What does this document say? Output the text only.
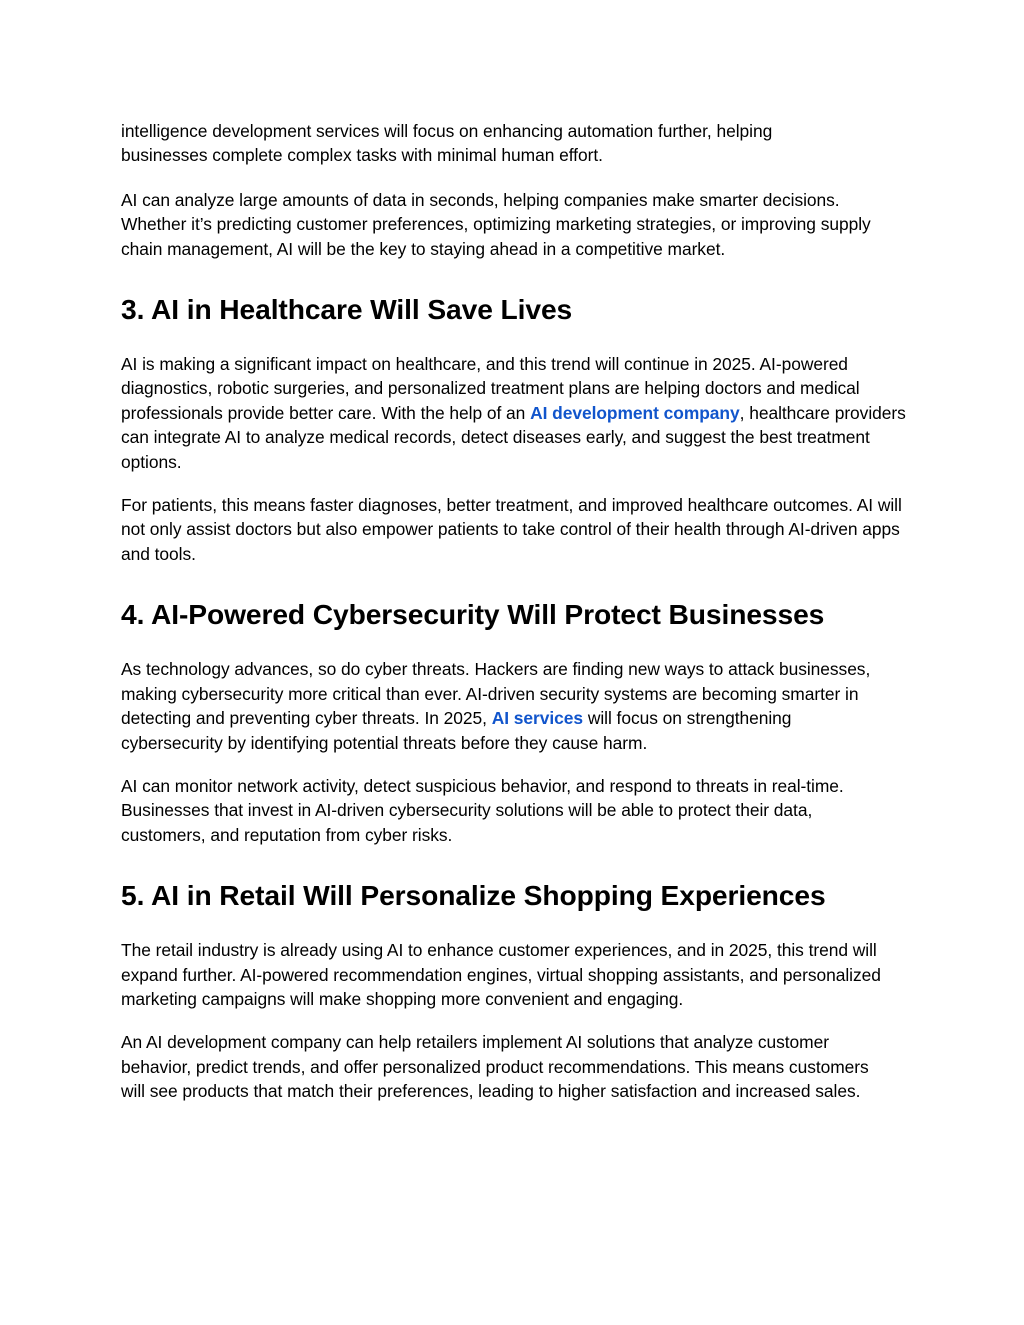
intelligence development services will focus on enhancing automation further, helping businesses complete complex tasks with minimal human effort.

AI can analyze large amounts of data in seconds, helping companies make smarter decisions. Whether it’s predicting customer preferences, optimizing marketing strategies, or improving supply chain management, AI will be the key to staying ahead in a competitive market.

3. AI in Healthcare Will Save Lives

AI is making a significant impact on healthcare, and this trend will continue in 2025. AI-powered diagnostics, robotic surgeries, and personalized treatment plans are helping doctors and medical professionals provide better care. With the help of an AI development company, healthcare providers can integrate AI to analyze medical records, detect diseases early, and suggest the best treatment options.

For patients, this means faster diagnoses, better treatment, and improved healthcare outcomes. AI will not only assist doctors but also empower patients to take control of their health through AI-driven apps and tools.

4. AI-Powered Cybersecurity Will Protect Businesses

As technology advances, so do cyber threats. Hackers are finding new ways to attack businesses, making cybersecurity more critical than ever. AI-driven security systems are becoming smarter in detecting and preventing cyber threats. In 2025, AI services will focus on strengthening cybersecurity by identifying potential threats before they cause harm.

AI can monitor network activity, detect suspicious behavior, and respond to threats in real-time. Businesses that invest in AI-driven cybersecurity solutions will be able to protect their data, customers, and reputation from cyber risks.

5. AI in Retail Will Personalize Shopping Experiences

The retail industry is already using AI to enhance customer experiences, and in 2025, this trend will expand further. AI-powered recommendation engines, virtual shopping assistants, and personalized marketing campaigns will make shopping more convenient and engaging.

An AI development company can help retailers implement AI solutions that analyze customer behavior, predict trends, and offer personalized product recommendations. This means customers will see products that match their preferences, leading to higher satisfaction and increased sales.
